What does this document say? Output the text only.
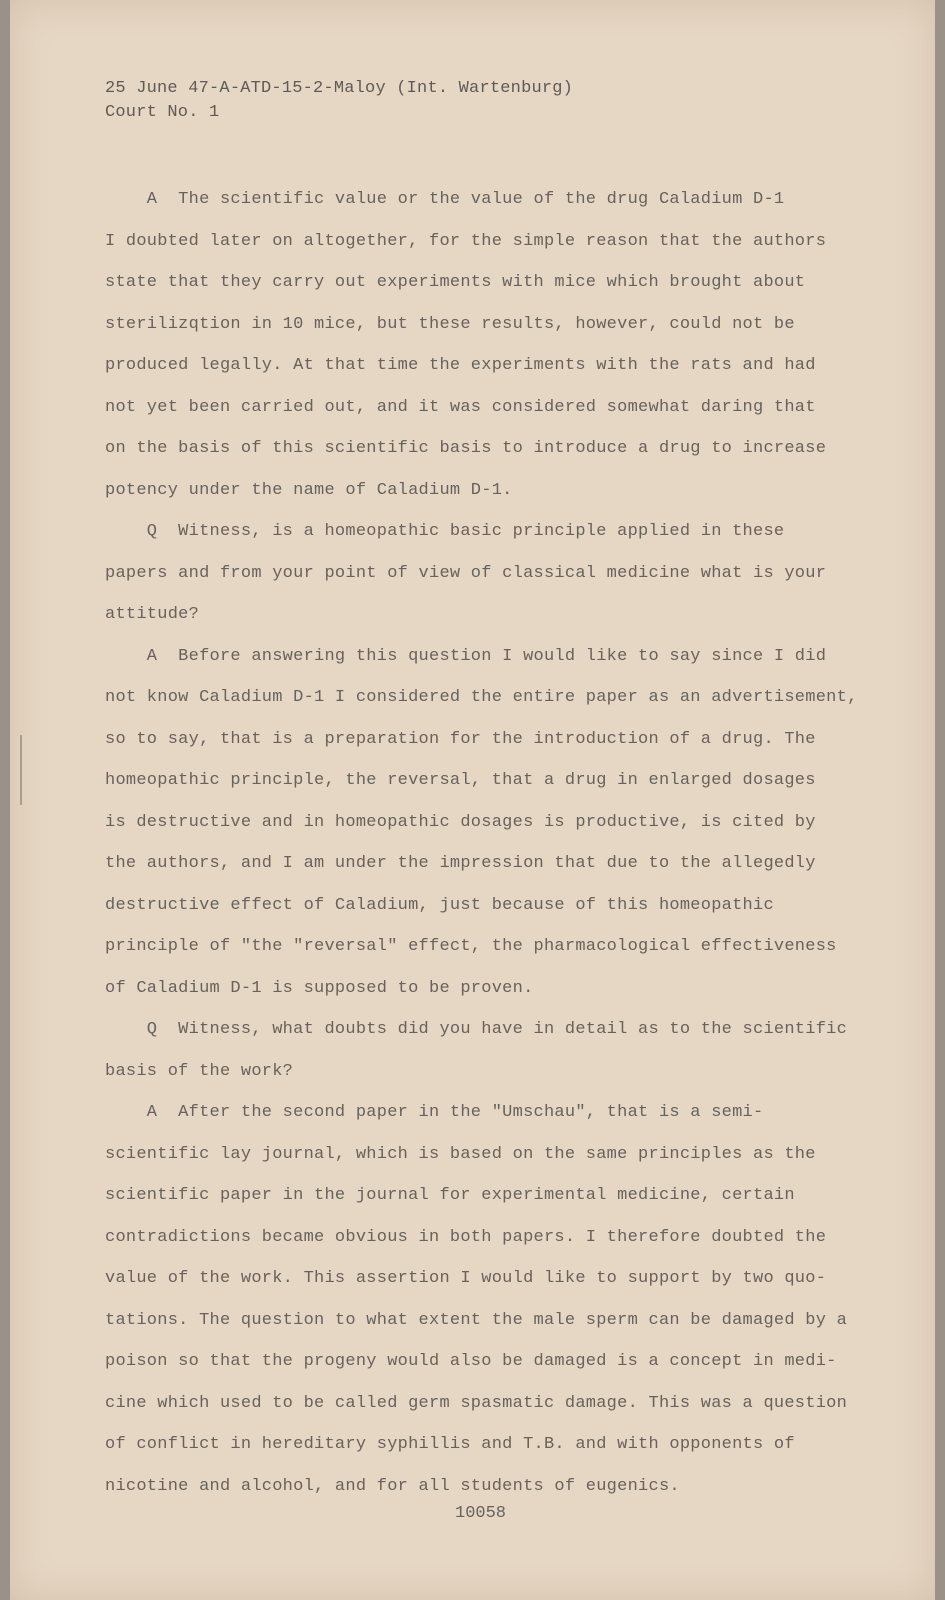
25 June 47-A-ATD-15-2-Maloy (Int. Wartenburg)
Court No. 1
A  The scientific value or the value of the drug Caladium D-1
I doubted later on altogether, for the simple reason that the authors
state that they carry out experiments with mice which brought about
sterilizqtion in 10 mice, but these results, however, could not be
produced legally. At that time the experiments with the rats and had
not yet been carried out, and it was considered somewhat daring that
on the basis of this scientific basis to introduce a drug to increase
potency under the name of Caladium D-1.
Q  Witness, is a homeopathic basic principle applied in these
papers and from your point of view of classical medicine what is your
attitude?
A  Before answering this question I would like to say since I did
not know Caladium D-1 I considered the entire paper as an advertisement,
so to say, that is a preparation for the introduction of a drug. The
homeopathic principle, the reversal, that a drug in enlarged dosages
is destructive and in homeopathic dosages is productive, is cited by
the authors, and I am under the impression that due to the allegedly
destructive effect of Caladium, just because of this homeopathic
principle of "the "reversal" effect, the pharmacological effectiveness
of Caladium D-1 is supposed to be proven.
Q  Witness, what doubts did you have in detail as to the scientific
basis of the work?
A  After the second paper in the "Umschau", that is a semi-
scientific lay journal, which is based on the same principles as the
scientific paper in the journal for experimental medicine, certain
contradictions became obvious in both papers. I therefore doubted the
value of the work. This assertion I would like to support by two quo-
tations. The question to what extent the male sperm can be damaged by a
poison so that the progeny would also be damaged is a concept in medi-
cine which used to be called germ spasmatic damage. This was a question
of conflict in hereditary syphillis and T.B. and with opponents of
nicotine and alcohol, and for all students of eugenics.
10058
